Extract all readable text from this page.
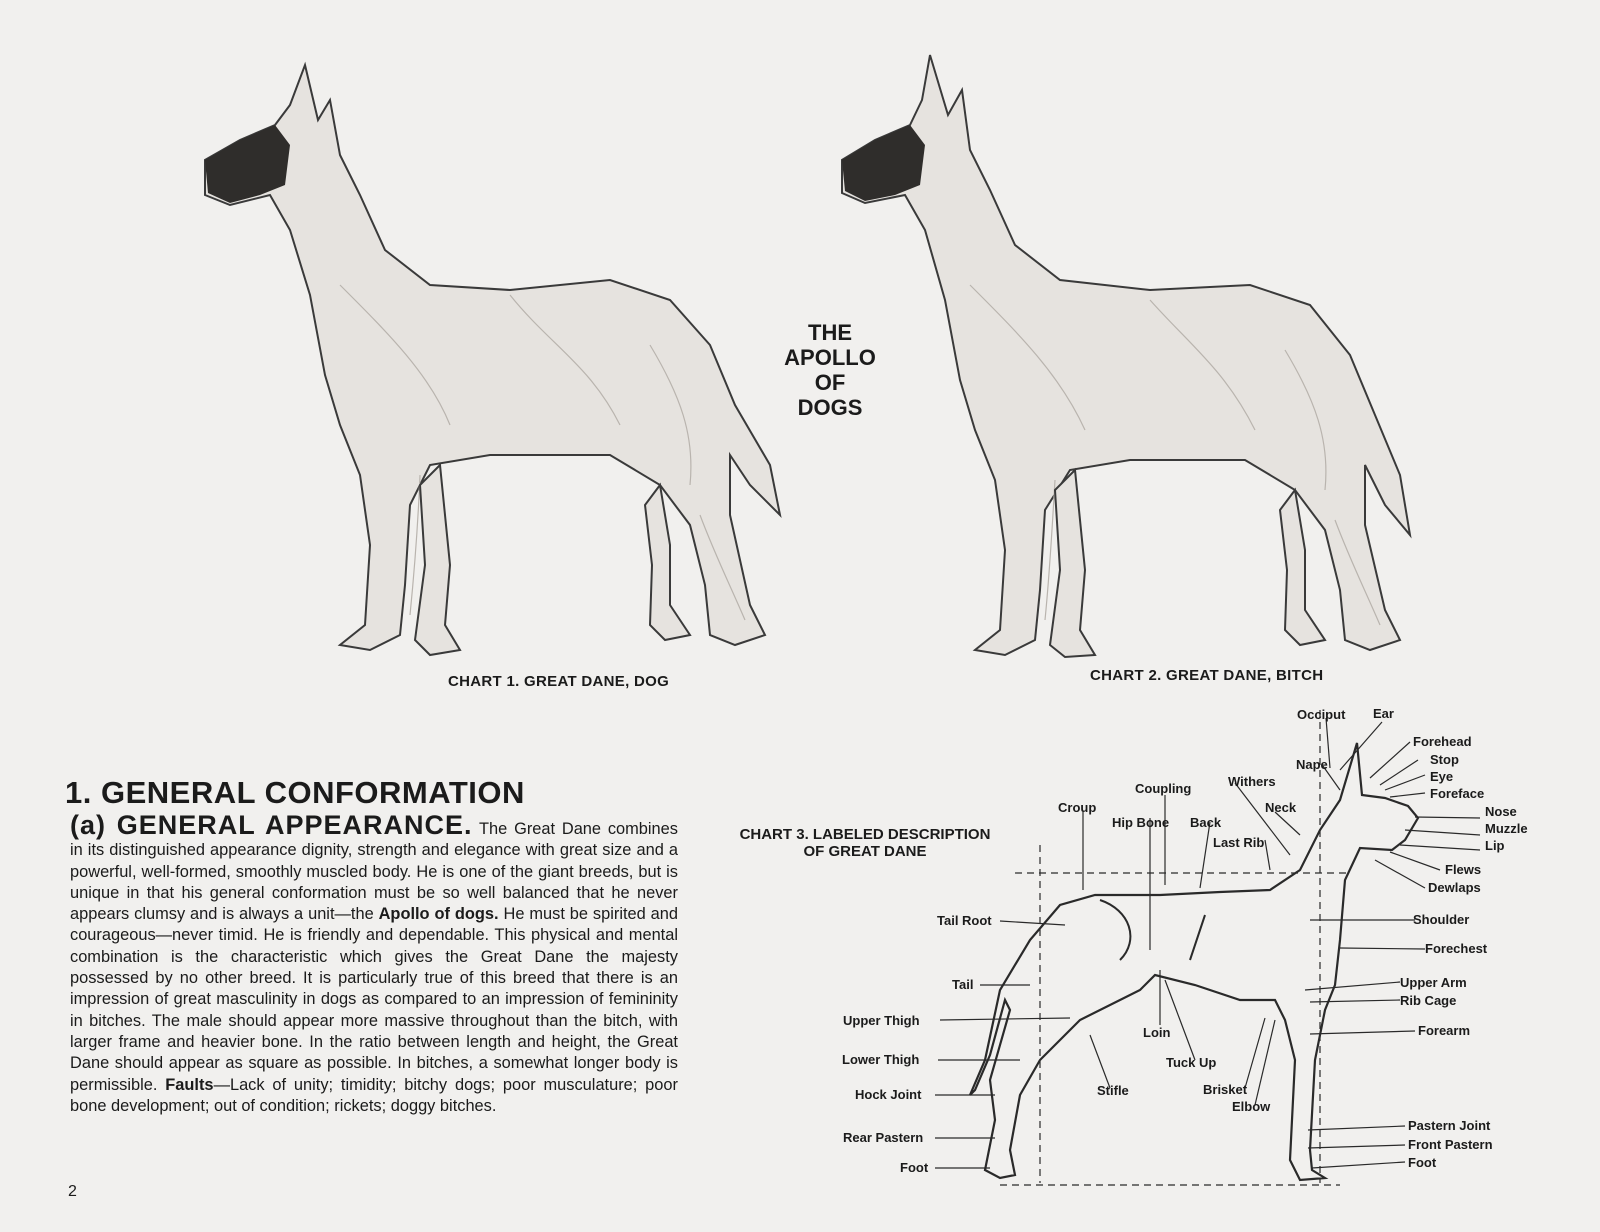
CHART 1. GREAT DANE, DOG	CHART 2. GREAT DANE, BITCH
THE
APOLLO
OF
DOGS
1. GENERAL CONFORMATION
(a) GENERAL APPEARANCE. The Great Dane combines in its distinguished appearance dignity, strength and elegance with great size and a powerful, well-formed, smoothly muscled body. He is one of the giant breeds, but is unique in that his general conformation must be so well balanced that he never appears clumsy and is always a unit—the Apollo of dogs. He must be spirited and courageous—never timid. He is friendly and dependable. This physical and mental combination is the characteristic which gives the Great Dane the majesty possessed by no other breed. It is particularly true of this breed that there is an impression of great masculinity in dogs as compared to an impression of femininity in bitches. The male should appear more massive throughout than the bitch, with larger frame and heavier bone. In the ratio between length and height, the Great Dane should appear as square as possible. In bitches, a somewhat longer body is permissible. Faults—Lack of unity; timidity; bitchy dogs; poor musculature; poor bone development; out of condition; rickets; doggy bitches.
2
CHART 3. LABELED DESCRIPTION
OF GREAT DANE
Occiput Ear
Forehead
Stop
Nape
Eye
Foreface
Withers
Coupling
Croup	Neck	Nose
Hip Bone Back	Muzzle
Last Rib	Lip
Flews
Dewlaps
Tail Root	Shoulder
Forechest
Tail	Upper Arm
Rib Cage
Upper Thigh
Loin	Forearm
Lower Thigh	Tuck Up
Hock Joint	Stifle	Brisket
Elbow
Pastern Joint
Rear Pastern	Front Pastern
Foot	Foot
